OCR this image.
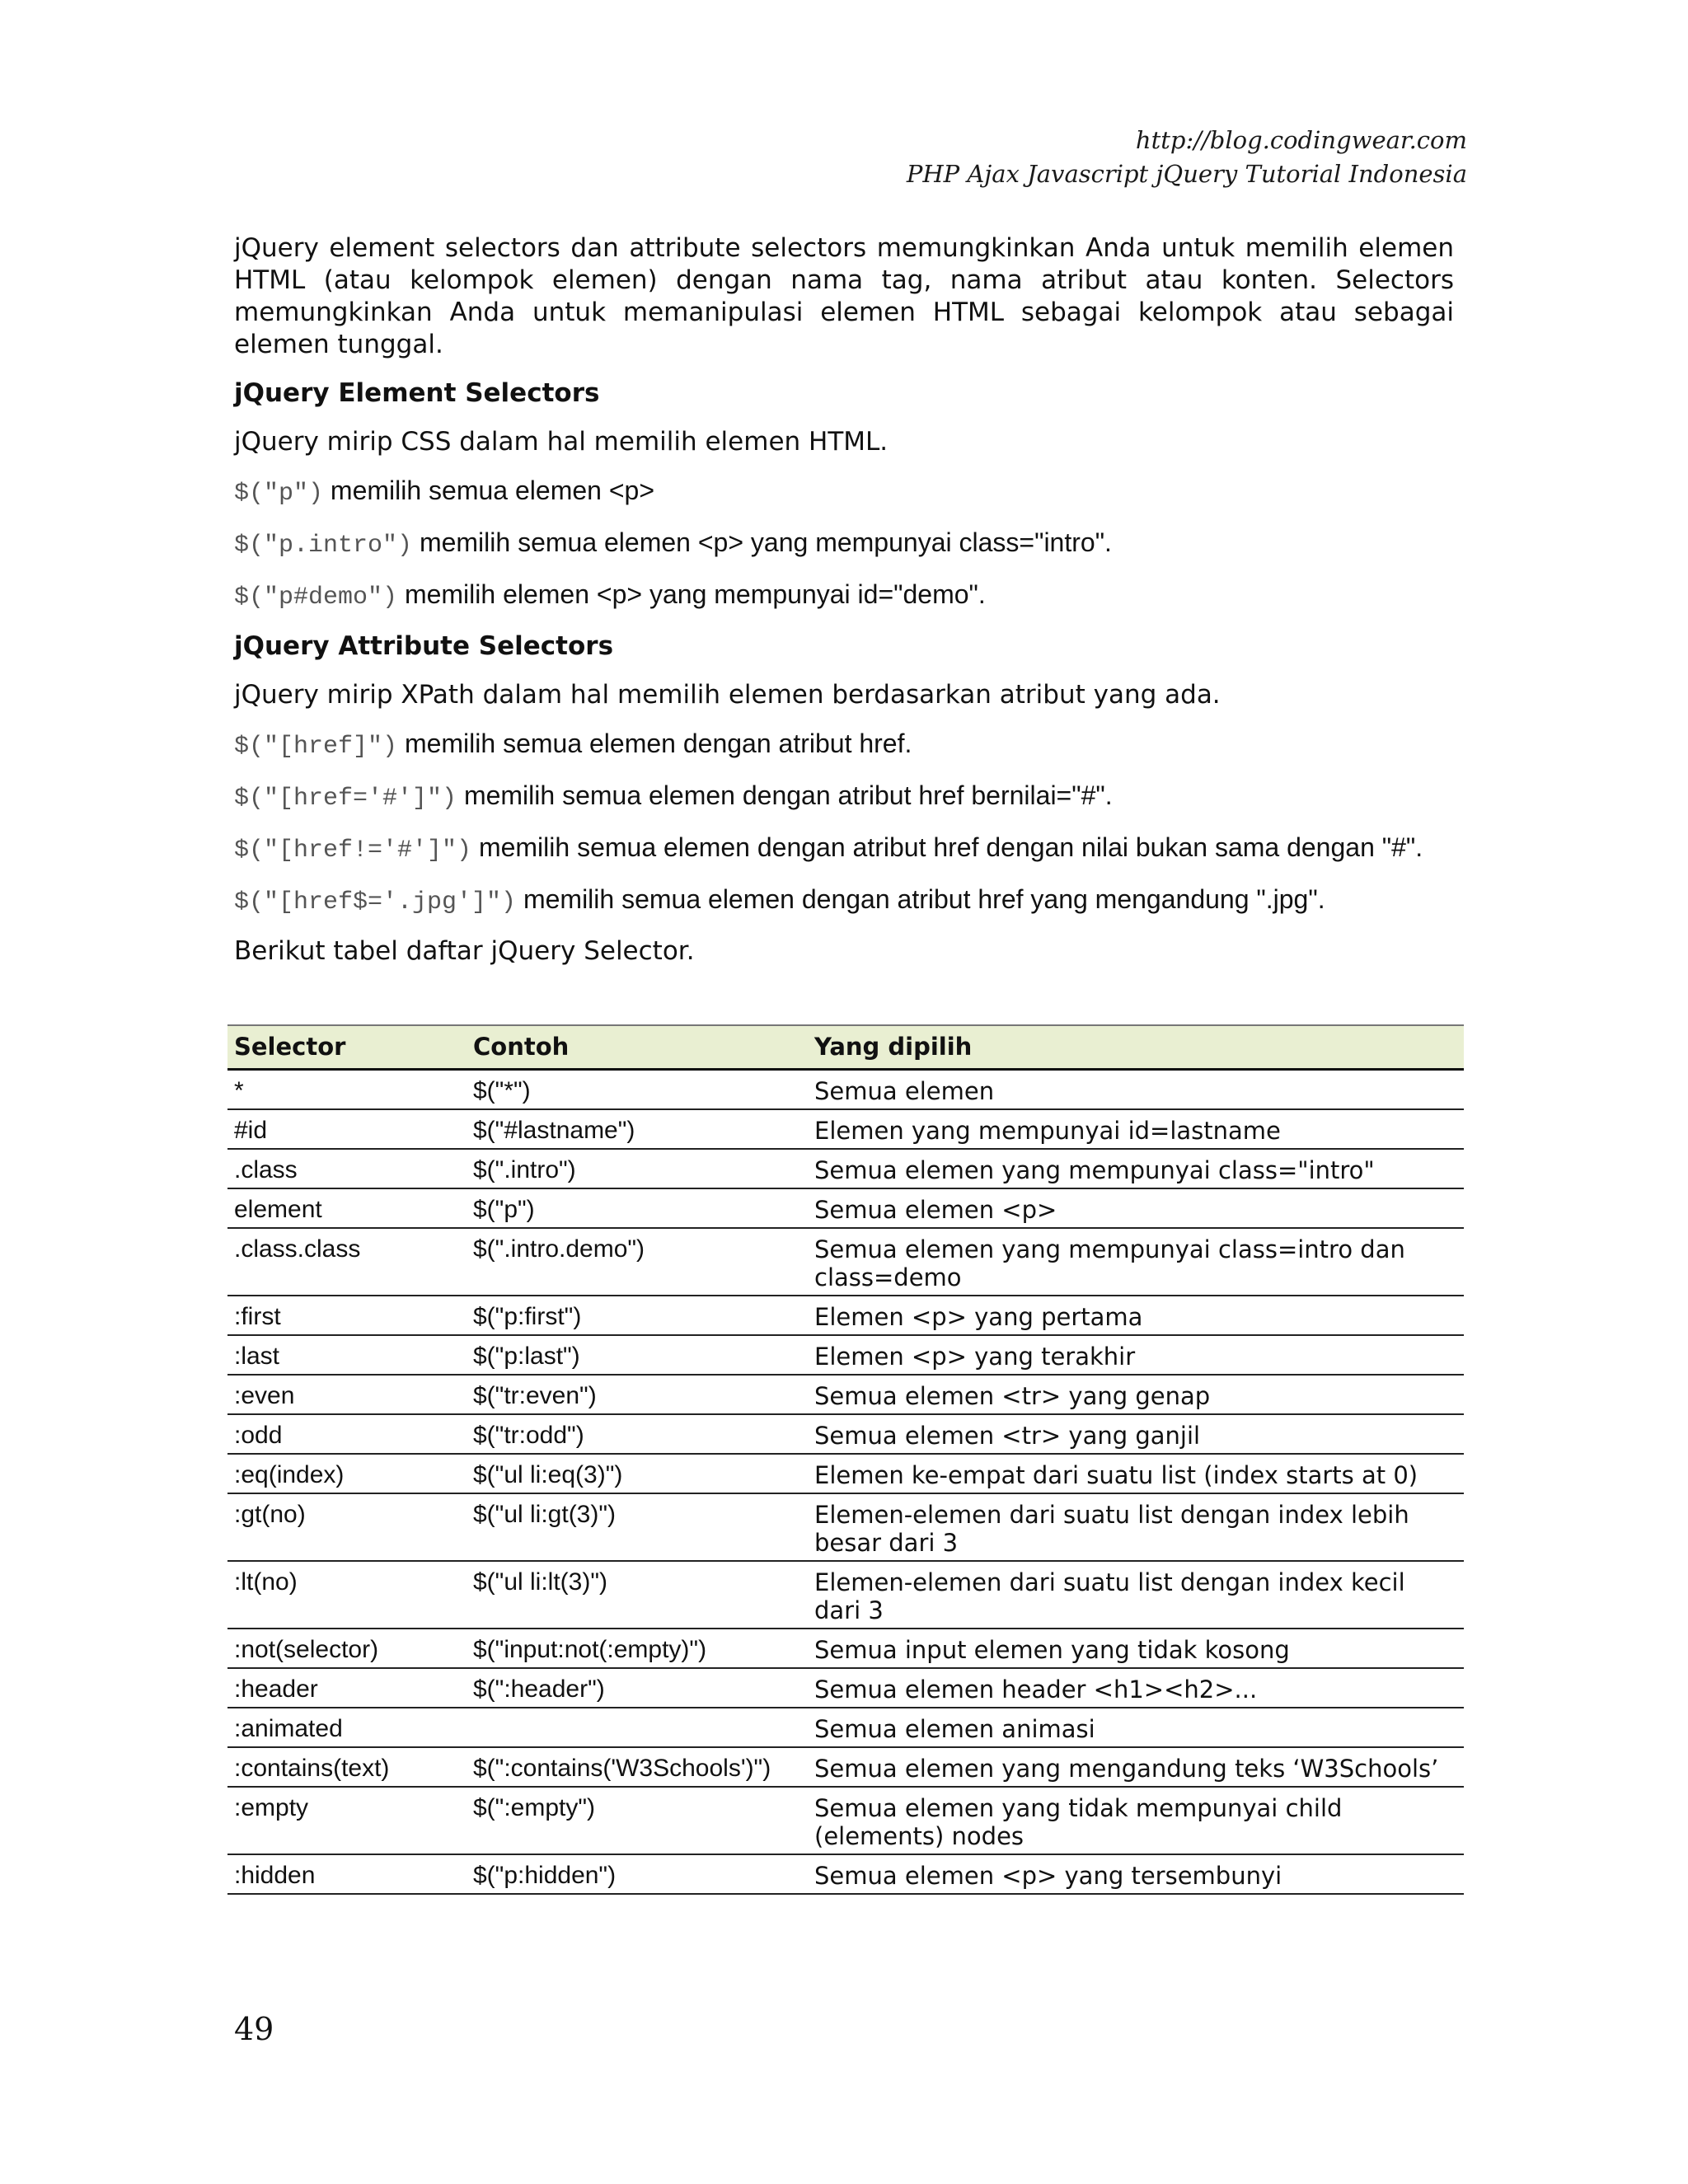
http://blog.codingwear.com
PHP Ajax Javascript jQuery Tutorial Indonesia

jQuery element selectors dan attribute selectors memungkinkan Anda untuk memilih elemen HTML (atau kelompok elemen) dengan nama tag, nama atribut atau konten. Selectors memungkinkan Anda untuk memanipulasi elemen HTML sebagai kelompok atau sebagai elemen tunggal.

jQuery Element Selectors

jQuery mirip CSS dalam hal memilih elemen HTML.

$("p") memilih semua elemen <p>

$("p.intro") memilih semua elemen <p> yang mempunyai class="intro".

$("p#demo") memilih elemen <p> yang mempunyai id="demo".

jQuery Attribute Selectors

jQuery mirip XPath dalam hal memilih elemen berdasarkan atribut yang ada.

$("[href]") memilih semua elemen dengan atribut href.

$("[href='#']") memilih semua elemen dengan atribut href bernilai="#".

$("[href!='#']") memilih semua elemen dengan atribut href dengan nilai bukan sama dengan "#".

$("[href$='.jpg']") memilih semua elemen dengan atribut href yang mengandung ".jpg".

Berikut tabel daftar jQuery Selector.

Selector	Contoh	Yang dipilih
*	$("*")	Semua elemen
#id	$("#lastname")	Elemen yang mempunyai id=lastname
.class	$(".intro")	Semua elemen yang mempunyai class="intro"
element	$("p")	Semua elemen <p>
.class.class	$(".intro.demo")	Semua elemen yang mempunyai class=intro dan class=demo
:first	$("p:first")	Elemen <p> yang pertama
:last	$("p:last")	Elemen <p> yang terakhir
:even	$("tr:even")	Semua elemen <tr> yang genap
:odd	$("tr:odd")	Semua elemen <tr> yang ganjil
:eq(index)	$("ul li:eq(3)")	Elemen ke-empat dari suatu list (index starts at 0)
:gt(no)	$("ul li:gt(3)")	Elemen-elemen dari suatu list dengan index lebih besar dari 3
:lt(no)	$("ul li:lt(3)")	Elemen-elemen dari suatu list dengan index kecil dari 3
:not(selector)	$("input:not(:empty)")	Semua input elemen yang tidak kosong
:header	$(":header")	Semua elemen header <h1><h2>...
:animated		Semua elemen animasi
:contains(text)	$(":contains('W3Schools')")	Semua elemen yang mengandung teks ‘W3Schools’
:empty	$(":empty")	Semua elemen yang tidak mempunyai child (elements) nodes
:hidden	$("p:hidden")	Semua elemen <p> yang tersembunyi
49
